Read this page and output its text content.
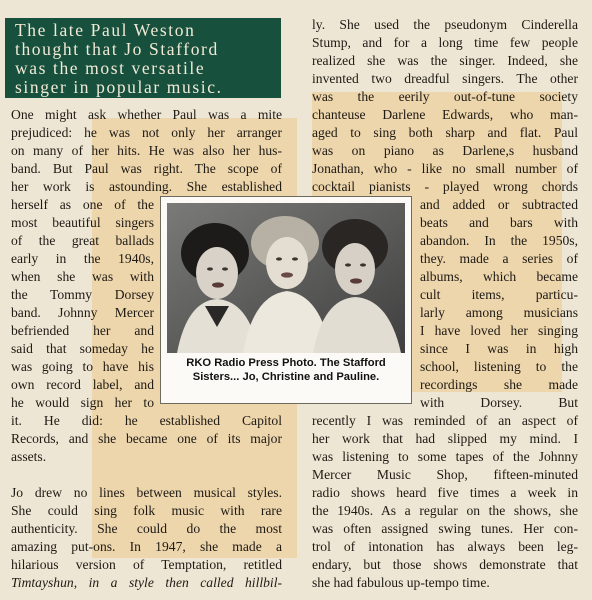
The late Paul Weston
thought that Jo Stafford
was the most versatile
singer in popular music.
One might ask whether Paul was a mite
prejudiced: he was not only her arranger
on many of her hits. He was also her hus-
band. But Paul was right. The scope of
her work is astounding. She established
herself as one of the
most beautiful singers
of the great ballads
early in the 1940s,
when she was with
the Tommy Dorsey
band. Johnny Mercer
befriended her and
said that someday he
was going to have his
own record label, and
he would sign her to
it. He did: he established Capitol
Records, and she became one of its major
assets.
Jo drew no lines between musical styles.
She could sing folk music with rare
authenticity. She could do the most
amazing put-ons. In 1947, she made a
hilarious version of Temptation, retitled
Timtayshun, in a style then called hillbil-
ly. She used the pseudonym Cinderella
Stump, and for a long time few people
realized she was the singer. Indeed, she
invented two dreadful singers. The other
was the eerily out-of-tune society
chanteuse Darlene Edwards, who man-
aged to sing both sharp and flat. Paul
was on piano as Darlene,s husband
Jonathan, who - like no small number of
cocktail pianists - played wrong chords
and added or subtracted
beats and bars with
abandon. In the 1950s,
they. made a series of
albums, which became
cult items, particu-
larly among musicians
I have loved her singing
since I was in high
school, listening to the
recordings she made
with Dorsey. But
recently I was reminded of an aspect of
her work that had slipped my mind. I
was listening to some tapes of the Johnny
Mercer Music Shop, fifteen-minuted
radio shows heard five times a week in
the 1940s. As a regular on the shows, she
was often assigned swing tunes. Her con-
trol of intonation has always been leg-
endary, but those shows demonstrate that
she had fabulous up-tempo time.
RKO Radio Press Photo. The Stafford
Sisters... Jo, Christine and Pauline.
